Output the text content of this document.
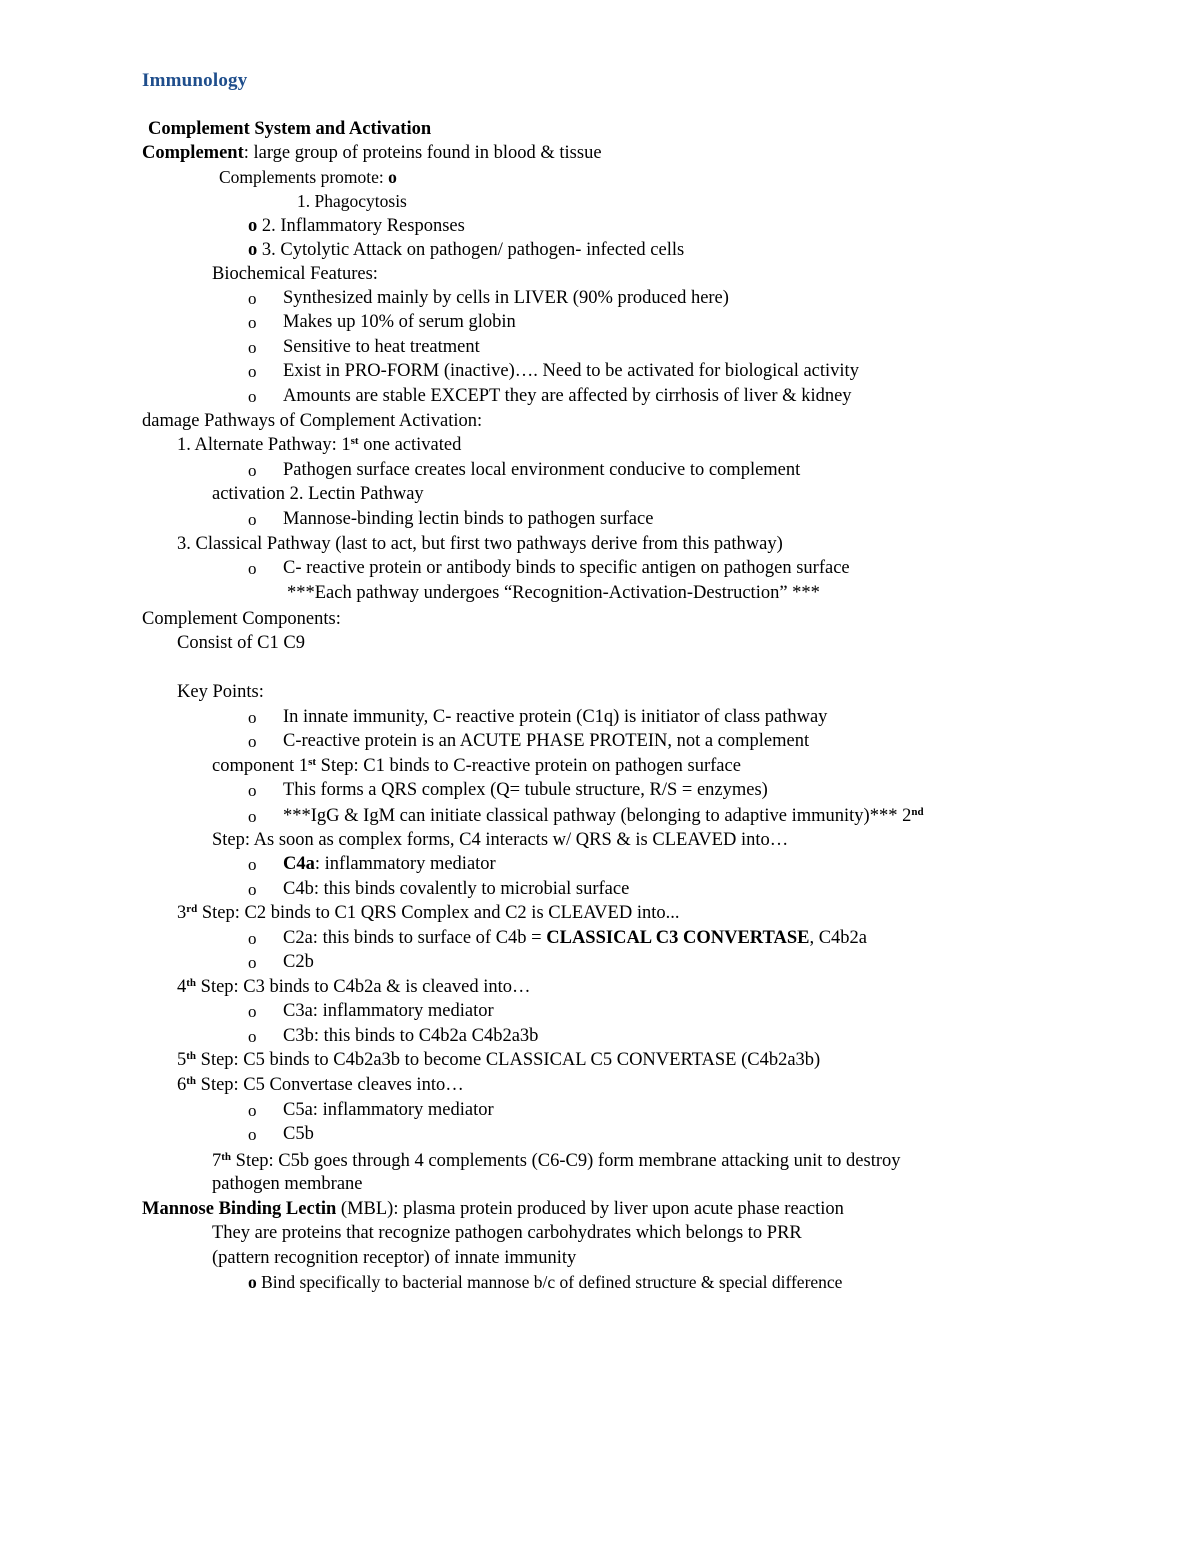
Immunology
Complement System and Activation
Complement: large group of proteins found in blood & tissue
Complements promote: o
1. Phagocytosis
o 2. Inflammatory Responses
o 3. Cytolytic Attack on pathogen/ pathogen- infected cells
Biochemical Features:
o Synthesized mainly by cells in LIVER (90% produced here)
o Makes up 10% of serum globin
o Sensitive to heat treatment
o Exist in PRO-FORM (inactive)…. Need to be activated for biological activity
o Amounts are stable EXCEPT they are affected by cirrhosis of liver & kidney
damage Pathways of Complement Activation:
1. Alternate Pathway: 1st one activated
o Pathogen surface creates local environment conducive to complement
activation 2. Lectin Pathway
o Mannose-binding lectin binds to pathogen surface
3. Classical Pathway (last to act, but first two pathways derive from this pathway)
o C- reactive protein or antibody binds to specific antigen on pathogen surface
***Each pathway undergoes “Recognition-Activation-Destruction” ***
Complement Components:
Consist of C1 C9
Key Points:
o In innate immunity, C- reactive protein (C1q) is initiator of class pathway
o C-reactive protein is an ACUTE PHASE PROTEIN, not a complement
component 1st Step: C1 binds to C-reactive protein on pathogen surface
o This forms a QRS complex (Q= tubule structure, R/S = enzymes)
o ***IgG & IgM can initiate classical pathway (belonging to adaptive immunity)*** 2nd
Step: As soon as complex forms, C4 interacts w/ QRS & is CLEAVED into…
o C4a: inflammatory mediator
o C4b: this binds covalently to microbial surface
3rd Step: C2 binds to C1 QRS Complex and C2 is CLEAVED into...
o C2a: this binds to surface of C4b = CLASSICAL C3 CONVERTASE, C4b2a
o C2b
4th Step: C3 binds to C4b2a & is cleaved into…
o C3a: inflammatory mediator
o C3b: this binds to C4b2a C4b2a3b
5th Step: C5 binds to C4b2a3b to become CLASSICAL C5 CONVERTASE (C4b2a3b)
6th Step: C5 Convertase cleaves into…
o C5a: inflammatory mediator
o C5b
7th Step: C5b goes through 4 complements (C6-C9) form membrane attacking unit to destroy
pathogen membrane
Mannose Binding Lectin (MBL): plasma protein produced by liver upon acute phase reaction
They are proteins that recognize pathogen carbohydrates which belongs to PRR
(pattern recognition receptor) of innate immunity
o Bind specifically to bacterial mannose b/c of defined structure & special difference
